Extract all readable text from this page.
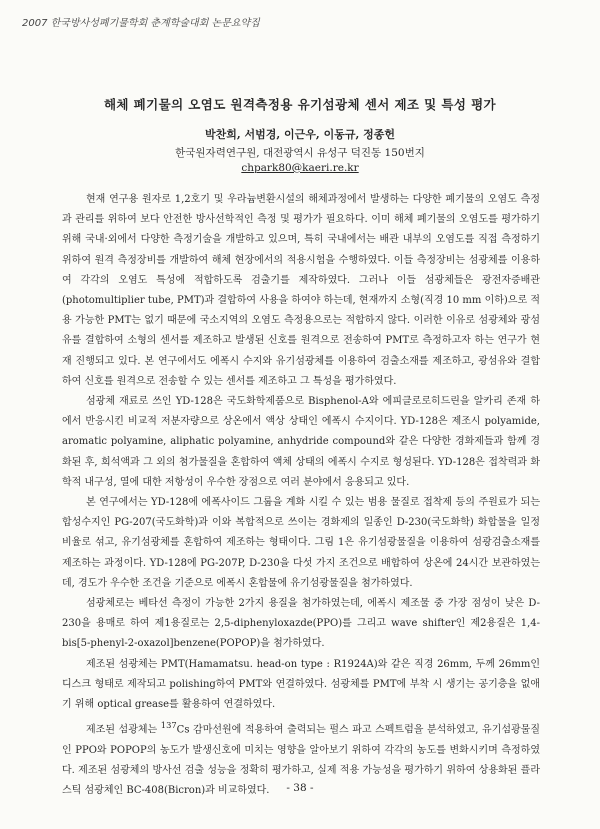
2007 한국방사성폐기물학회 춘계학술대회 논문요약집
해체 폐기물의 오염도 원격측정용 유기섬광체 센서 제조 및 특성 평가
박찬희, 서범경, 이근우, 이동규, 정종헌
한국원자력연구원, 대전광역시 유성구 덕진동 150번지
chpark80@kaeri.re.kr

현재 연구용 원자로 1,2호기 및 우라늄변환시설의 해체과정에서 발생하는 다양한 폐기물의 오염도 측정과 관리를 위하여 보다 안전한 방사선학적인 측정 및 평가가 필요하다. 이미 해체 폐기물의 오염도를 평가하기 위해 국내·외에서 다양한 측정기술을 개발하고 있으며, 특히 국내에서는 배관 내부의 오염도를 직접 측정하기 위하여 원격 측정장비를 개발하여 해체 현장에서의 적용시험을 수행하였다. 이들 측정장비는 섬광체를 이용하여 각각의 오염도 특성에 적합하도록 검출기를 제작하였다. 그러나 이들 섬광체들은 광전자증배관(photomultiplier tube, PMT)과 결합하여 사용을 하여야 하는데, 현재까지 소형(직경 10 mm 이하)으로 적용 가능한 PMT는 없기 때문에 국소지역의 오염도 측정용으로는 적합하지 않다. 이러한 이유로 섬광체와 광섬유를 결합하여 소형의 센서를 제조하고 발생된 신호를 원격으로 전송하여 PMT로 측정하고자 하는 연구가 현재 진행되고 있다. 본 연구에서도 에폭시 수지와 유기섬광체를 이용하여 검출소재를 제조하고, 광섬유와 결합하여 신호를 원격으로 전송할 수 있는 센서를 제조하고 그 특성을 평가하였다.

섬광체 재료로 쓰인 YD-128은 국도화학제품으로 Bisphenol-A와 에피클로로히드린을 알카리 존재 하에서 반응시킨 비교적 저분자량으로 상온에서 액상 상태인 에폭시 수지이다. YD-128은 제조시 polyamide, aromatic polyamine, aliphatic polyamine, anhydride compound와 같은 다양한 경화제들과 함께 경화된 후, 희석액과 그 외의 첨가물질을 혼합하여 액체 상태의 에폭시 수지로 형성된다. YD-128은 접착력과 화학적 내구성, 열에 대한 저항성이 우수한 장점으로 여러 분야에서 응용되고 있다.

본 연구에서는 YD-128에 에폭사이드 그룹을 계화 시킬 수 있는 범용 물질로 접착제 등의 주원료가 되는 합성수지인 PG-207(국도화학)과 이와 복합적으로 쓰이는 경화제의 일종인 D-230(국도화학) 화합물을 일정 비율로 섞고, 유기섬광체를 혼합하여 제조하는 형태이다. 그림 1은 유기섬광물질을 이용하여 섬광검출소재를 제조하는 과정이다. YD-128에 PG-207P, D-230을 다섯 가지 조건으로 배합하여 상온에 24시간 보관하였는데, 경도가 우수한 조건을 기준으로 에폭시 혼합물에 유기섬광물질을 첨가하였다.

섬광체로는 베타선 측정이 가능한 2가지 용질을 첨가하였는데, 에폭시 제조물 중 가장 점성이 낮은 D-230을 용매로 하여 제1용질로는 2,5-diphenyloxazde(PPO)를 그리고 wave shifter인 제2용질은 1,4-bis[5-phenyl-2-oxazol]benzene(POPOP)을 첨가하였다.

제조된 섬광체는 PMT(Hamamatsu. head-on type : R1924A)와 같은 직경 26mm, 두께 26mm인 디스크 형태로 제작되고 polishing하여 PMT와 연결하였다. 섬광체를 PMT에 부착 시 생기는 공기층을 없애기 위해 optical grease를 활용하여 연결하였다.

제조된 섬광체는 $^{137}$Cs 감마선원에 적용하여 출력되는 펄스 파고 스펙트럼을 분석하였고, 유기섬광물질인 PPO와 POPOP의 농도가 발생신호에 미치는 영향을 알아보기 위하여 각각의 농도를 변화시키며 측정하였다. 제조된 섬광체의 방사선 검출 성능을 정확히 평가하고, 실제 적용 가능성을 평가하기 위하여 상용화된 플라스틱 섬광체인 BC-408(Bicron)과 비교하였다.	- 38 -
